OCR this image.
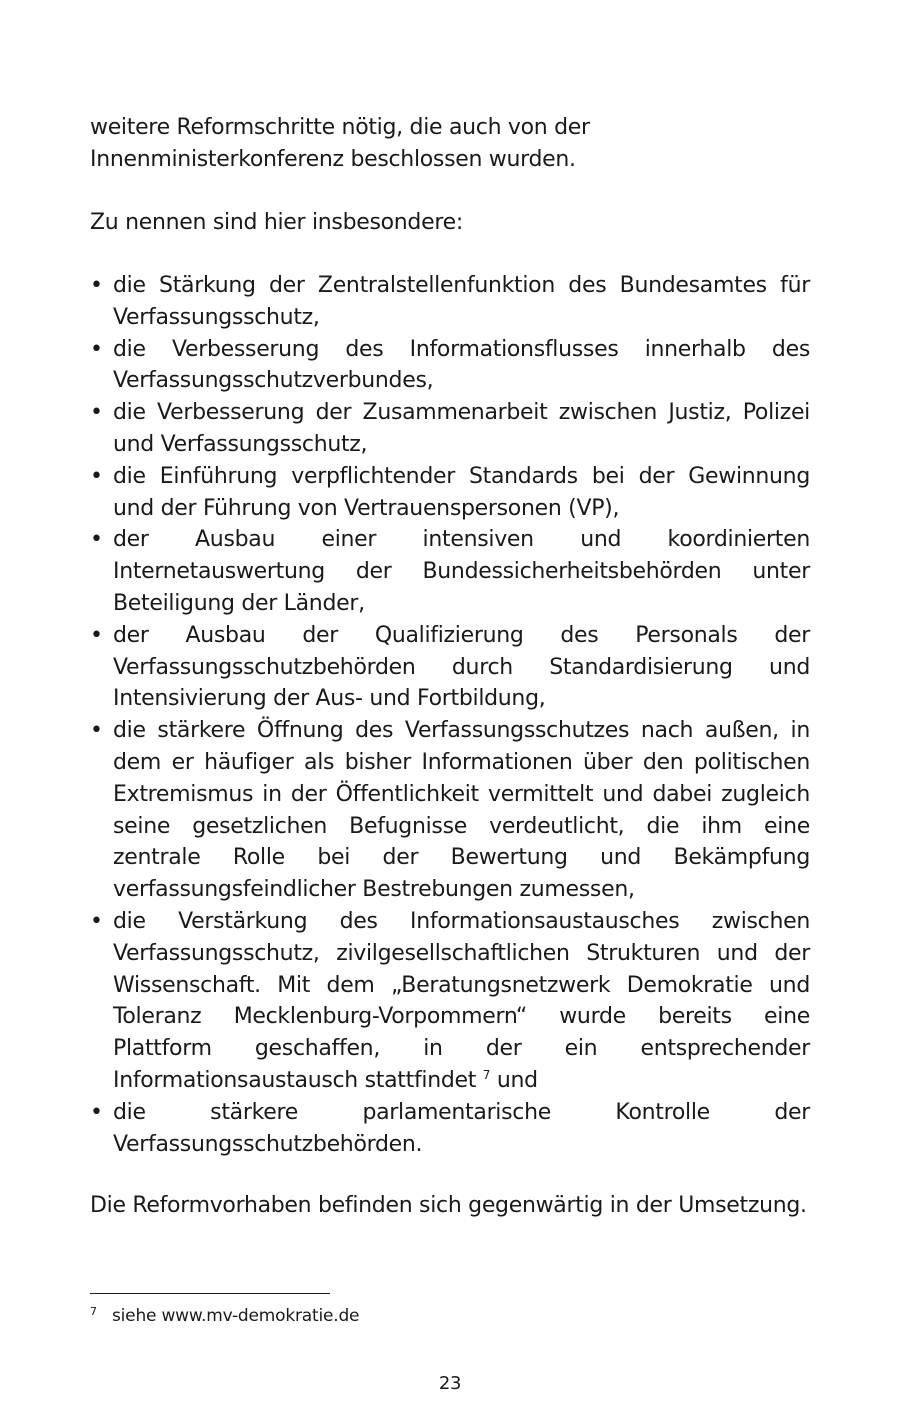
weitere Reformschritte nötig, die auch von der Innenministerkonferenz beschlossen wurden.

Zu nennen sind hier insbesondere:

• die Stärkung der Zentralstellenfunktion des Bundesamtes für Verfassungsschutz,
• die Verbesserung des Informationsflusses innerhalb des Verfassungsschutzverbundes,
• die Verbesserung der Zusammenarbeit zwischen Justiz, Polizei und Verfassungsschutz,
• die Einführung verpflichtender Standards bei der Gewinnung und der Führung von Vertrauenspersonen (VP),
• der Ausbau einer intensiven und koordinierten Internetauswertung der Bundessicherheitsbehörden unter Beteiligung der Länder,
• der Ausbau der Qualifizierung des Personals der Verfassungsschutzbehörden durch Standardisierung und Intensivierung der Aus- und Fortbildung,
• die stärkere Öffnung des Verfassungsschutzes nach außen, in dem er häufiger als bisher Informationen über den politischen Extremismus in der Öffentlichkeit vermittelt und dabei zugleich seine gesetzlichen Befugnisse verdeutlicht, die ihm eine zentrale Rolle bei der Bewertung und Bekämpfung verfassungsfeindlicher Bestrebungen zumessen,
• die Verstärkung des Informationsaustausches zwischen Verfassungsschutz, zivilgesellschaftlichen Strukturen und der Wissenschaft. Mit dem „Beratungsnetzwerk Demokratie und Toleranz Mecklenburg-Vorpommern“ wurde bereits eine Plattform geschaffen, in der ein entsprechender Informationsaustausch stattfindet $^7$ und
• die stärkere parlamentarische Kontrolle der Verfassungsschutzbehörden.

Die Reformvorhaben befinden sich gegenwärtig in der Umsetzung.

7 siehe www.mv-demokratie.de
23
